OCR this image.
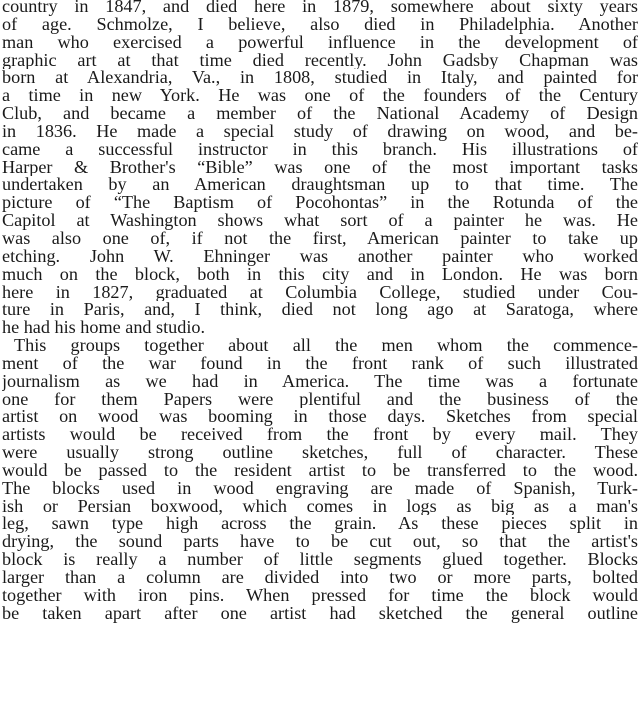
country in 1847, and died here in 1879, somewhere about sixty years
of age. Schmolze, I believe, also died in Philadelphia. Another
man who exercised a powerful influence in the development of
graphic art at that time died recently. John Gadsby Chapman was
born at Alexandria, Va., in 1808, studied in Italy, and painted for
a time in new York. He was one of the founders of the Century
Club, and became a member of the National Academy of Design
in 1836. He made a special study of drawing on wood, and be-
came a successful instructor in this branch. His illustrations of
Harper & Brother's “Bible” was one of the most important tasks
undertaken by an American draughtsman up to that time. The
picture of “The Baptism of Pocohontas” in the Rotunda of the
Capitol at Washington shows what sort of a painter he was. He
was also one of, if not the first, American painter to take up
etching. John W. Ehninger was another painter who worked
much on the block, both in this city and in London. He was born
here in 1827, graduated at Columbia College, studied under Cou-
ture in Paris, and, I think, died not long ago at Saratoga, where
he had his home and studio.
This groups together about all the men whom the commence-
ment of the war found in the front rank of such illustrated
journalism as we had in America. The time was a fortunate
one for them Papers were plentiful and the business of the
artist on wood was booming in those days. Sketches from special
artists would be received from the front by every mail. They
were usually strong outline sketches, full of character. These
would be passed to the resident artist to be transferred to the wood.
The blocks used in wood engraving are made of Spanish, Turk-
ish or Persian boxwood, which comes in logs as big as a man's
leg, sawn type high across the grain. As these pieces split in
drying, the sound parts have to be cut out, so that the artist's
block is really a number of little segments glued together. Blocks
larger than a column are divided into two or more parts, bolted
together with iron pins. When pressed for time the block would
be taken apart after one artist had sketched the general outline
